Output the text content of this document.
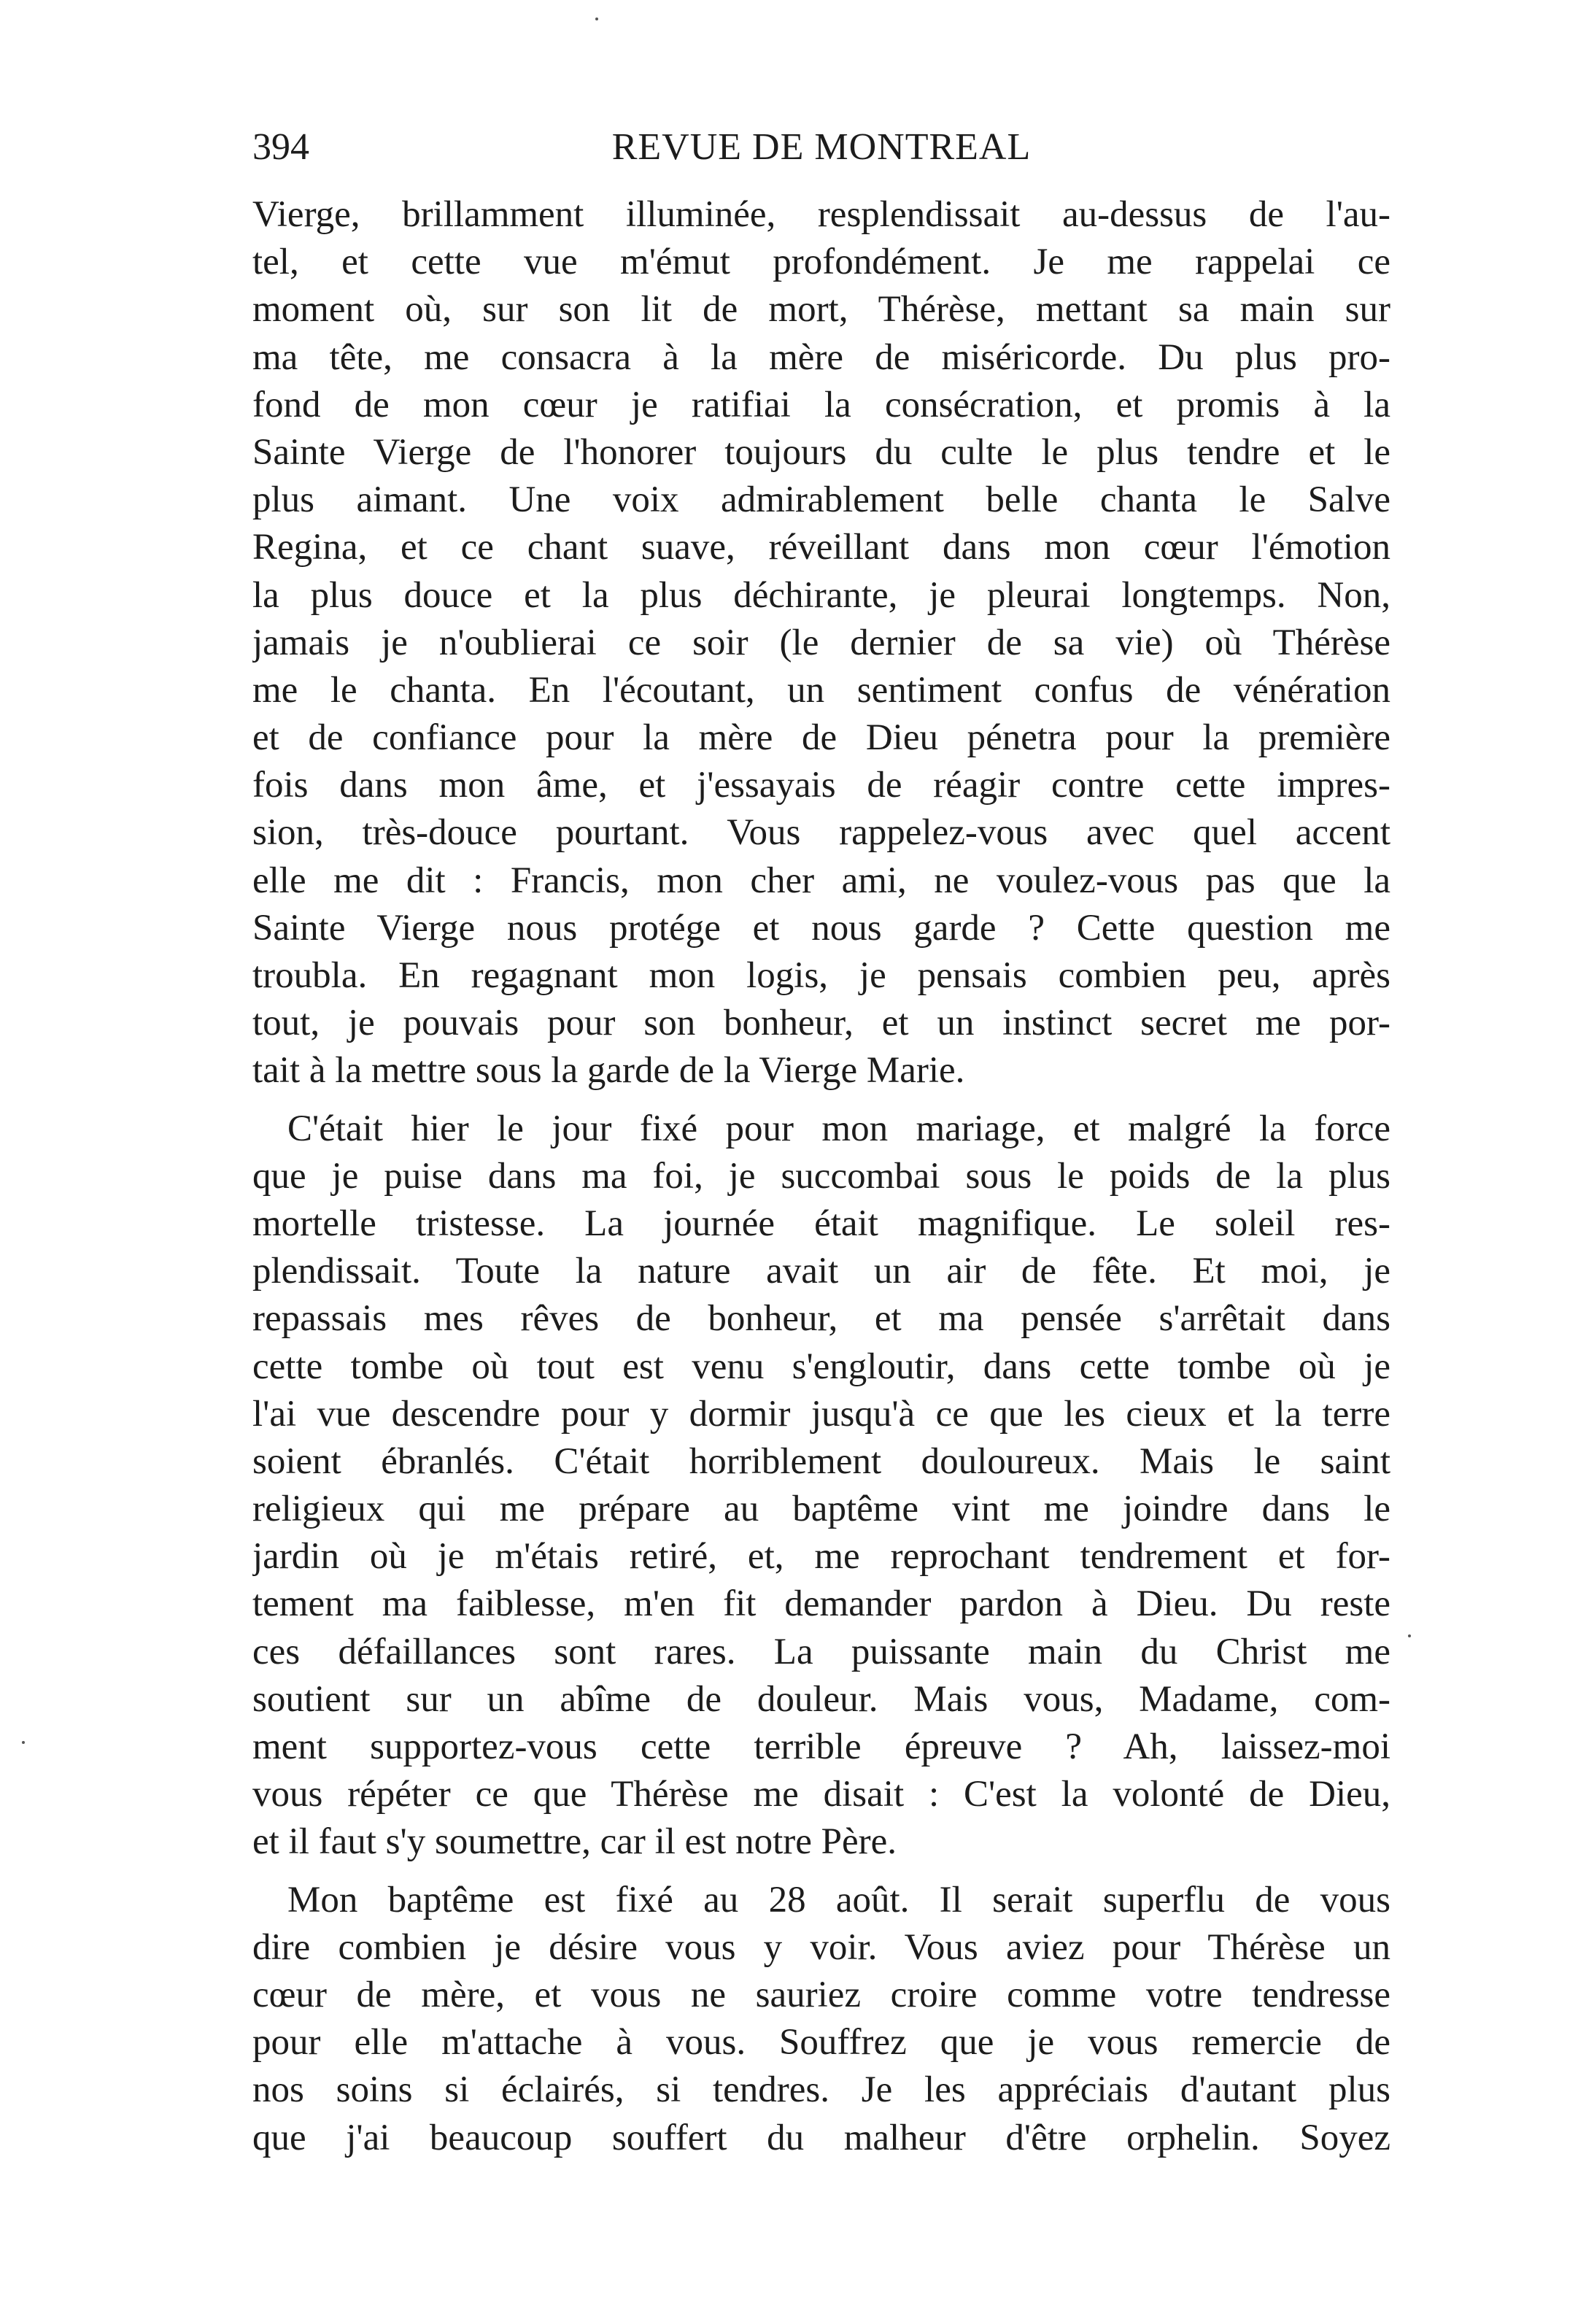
394	REVUE DE MONTREAL
Vierge, brillamment illuminée, resplendissait au-dessus de l'au-
tel, et cette vue m'émut profondément. Je me rappelai ce
moment où, sur son lit de mort, Thérèse, mettant sa main sur
ma tête, me consacra à la mère de miséricorde. Du plus pro-
fond de mon cœur je ratifiai la consécration, et promis à la
Sainte Vierge de l'honorer toujours du culte le plus tendre et le
plus aimant. Une voix admirablement belle chanta le Salve
Regina, et ce chant suave, réveillant dans mon cœur l'émotion
la plus douce et la plus déchirante, je pleurai longtemps. Non,
jamais je n'oublierai ce soir (le dernier de sa vie) où Thérèse
me le chanta. En l'écoutant, un sentiment confus de vénération
et de confiance pour la mère de Dieu pénetra pour la première
fois dans mon âme, et j'essayais de réagir contre cette impres-
sion, très-douce pourtant. Vous rappelez-vous avec quel accent
elle me dit : Francis, mon cher ami, ne voulez-vous pas que la
Sainte Vierge nous protége et nous garde ? Cette question me
troubla. En regagnant mon logis, je pensais combien peu, après
tout, je pouvais pour son bonheur, et un instinct secret me por-
tait à la mettre sous la garde de la Vierge Marie.
C'était hier le jour fixé pour mon mariage, et malgré la force
que je puise dans ma foi, je succombai sous le poids de la plus
mortelle tristesse. La journée était magnifique. Le soleil res-
plendissait. Toute la nature avait un air de fête. Et moi, je
repassais mes rêves de bonheur, et ma pensée s'arrêtait dans
cette tombe où tout est venu s'engloutir, dans cette tombe où je
l'ai vue descendre pour y dormir jusqu'à ce que les cieux et la terre
soient ébranlés. C'était horriblement douloureux. Mais le saint
religieux qui me prépare au baptême vint me joindre dans le
jardin où je m'étais retiré, et, me reprochant tendrement et for-
tement ma faiblesse, m'en fit demander pardon à Dieu. Du reste
ces défaillances sont rares. La puissante main du Christ me
soutient sur un abîme de douleur. Mais vous, Madame, com-
ment supportez-vous cette terrible épreuve ? Ah, laissez-moi
vous répéter ce que Thérèse me disait : C'est la volonté de Dieu,
et il faut s'y soumettre, car il est notre Père.
Mon baptême est fixé au 28 août. Il serait superflu de vous
dire combien je désire vous y voir. Vous aviez pour Thérèse un
cœur de mère, et vous ne sauriez croire comme votre tendresse
pour elle m'attache à vous. Souffrez que je vous remercie de
nos soins si éclairés, si tendres. Je les appréciais d'autant plus
que j'ai beaucoup souffert du malheur d'être orphelin. Soyez
